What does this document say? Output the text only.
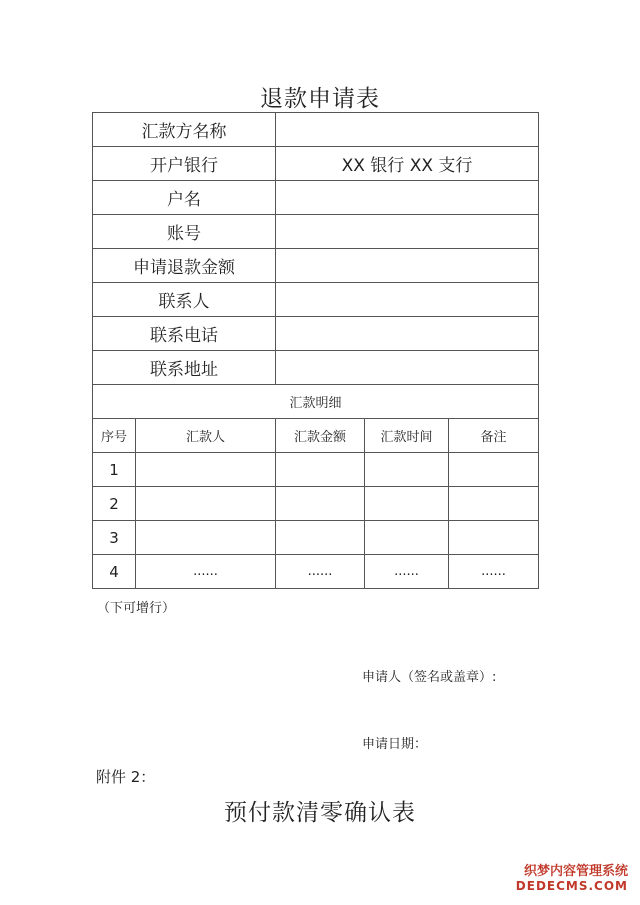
退款申请表
汇款方名称				
开户银行		XX 银行 XX 支行		
户名				
账号				
申请退款金额				
联系人				
联系电话				
联系地址				
汇款明细				
序号	汇款人	汇款金额	汇款时间	备注
1				
2				
3				
4	......	......	......	......
（下可增行）
申请人（签名或盖章）:
申请日期：
附件 2：
预付款清零确认表
织梦内容管理系统
DEDECMS.COM
